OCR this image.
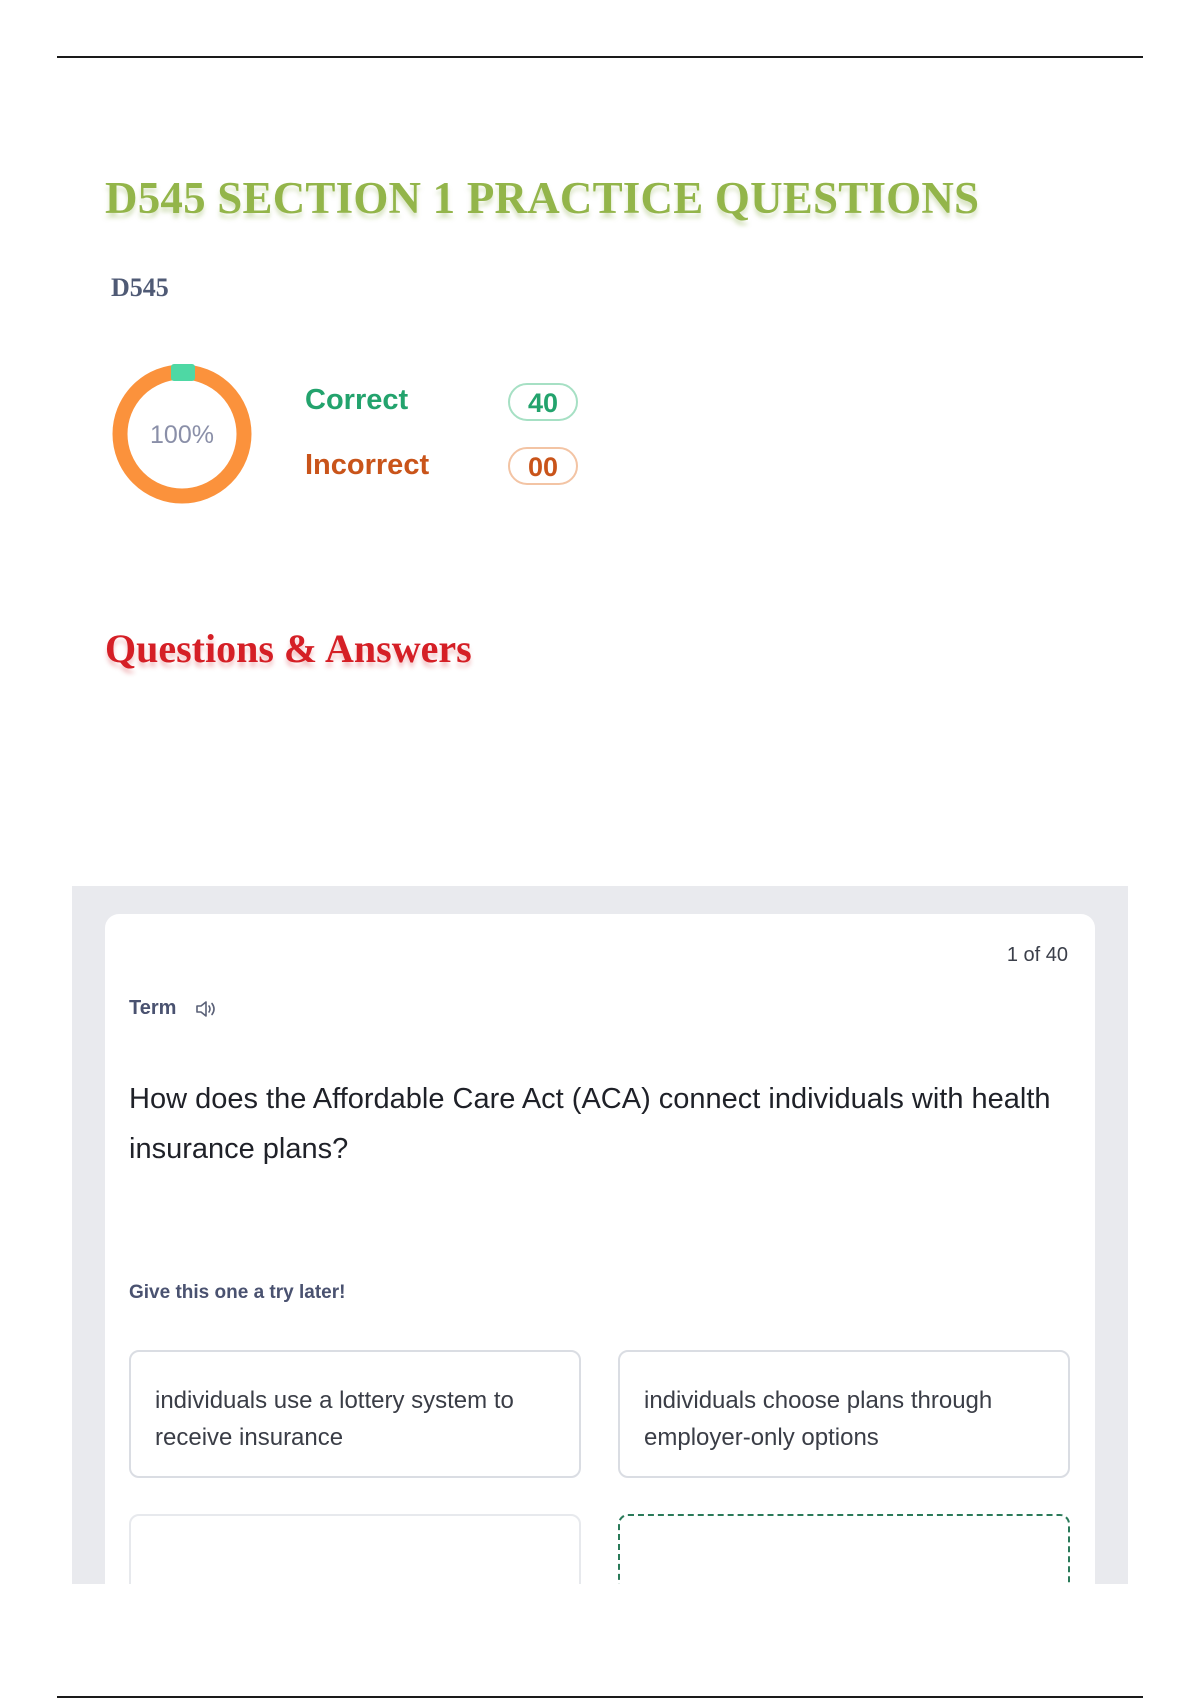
D545 SECTION 1 PRACTICE QUESTIONS
D545
100%
Correct	40
Incorrect	00
Questions & Answers
1 of 40
Term

How does the Affordable Care Act (ACA) connect individuals with health insurance plans?

Give this one a try later!
individuals use a lottery system to receive insurance
individuals choose plans through employer-only options
